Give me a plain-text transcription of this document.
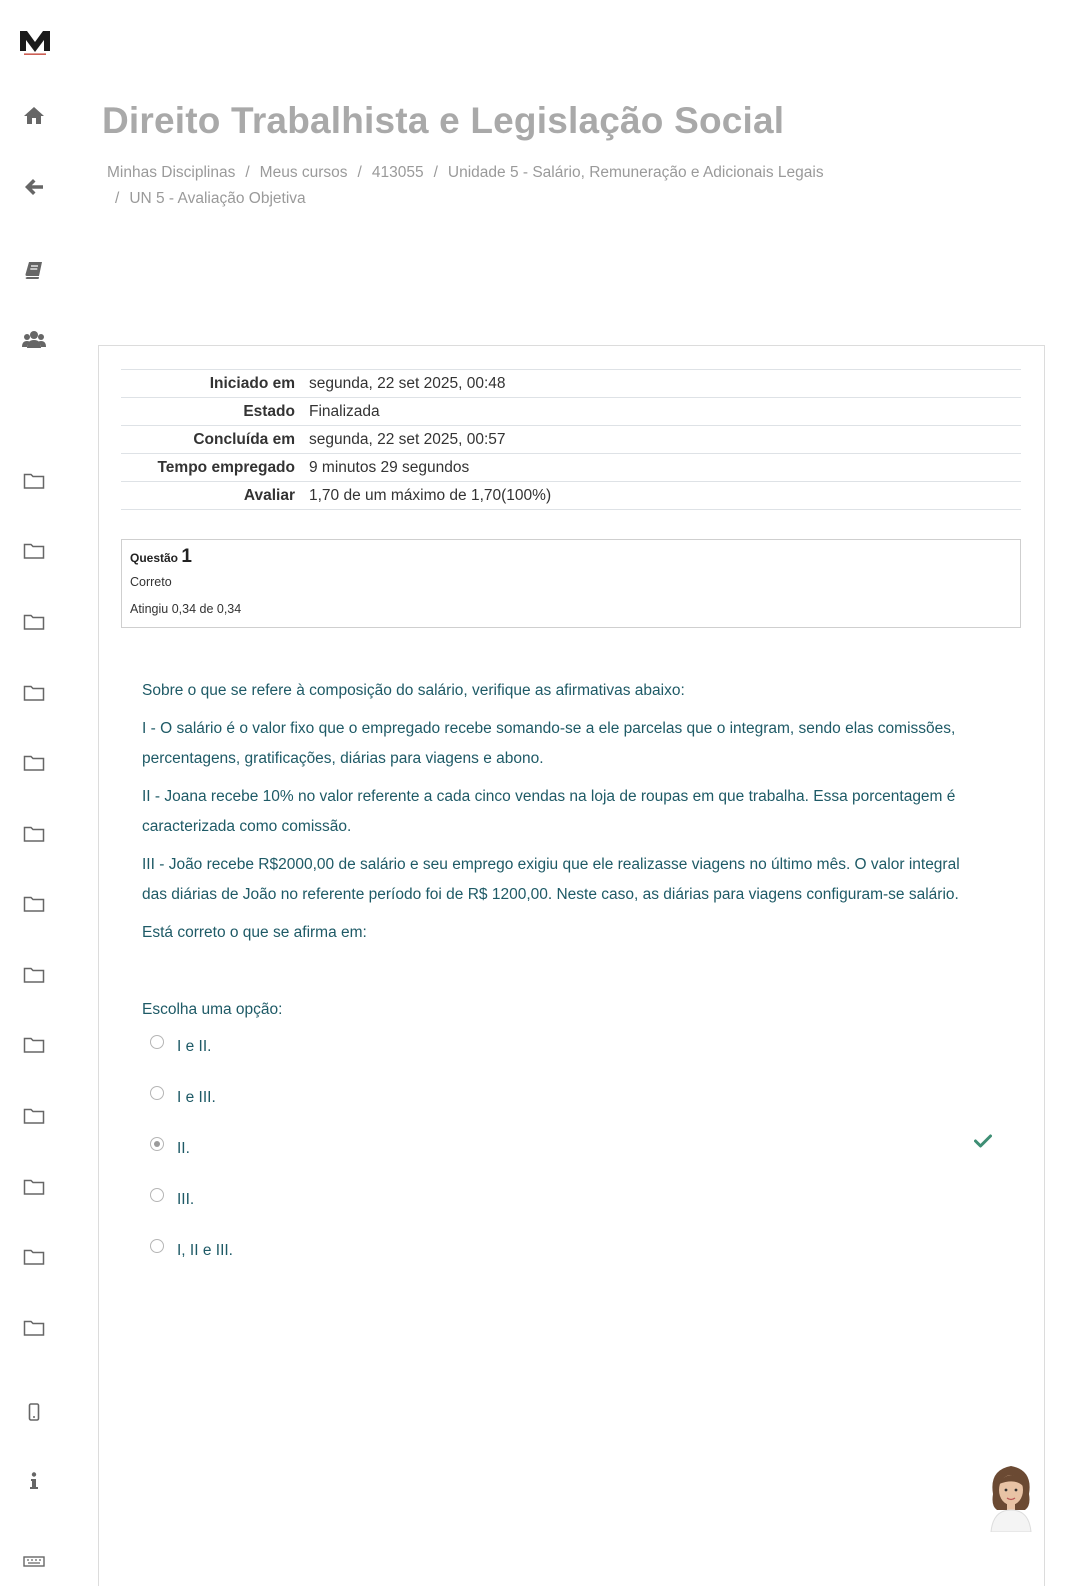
Direito Trabalhista e Legislação Social
Minhas Disciplinas / Meus cursos / 413055 / Unidade 5 - Salário, Remuneração e Adicionais Legais
/ UN 5 - Avaliação Objetiva
Iniciado em	segunda, 22 set 2025, 00:48
Estado	Finalizada
Concluída em	segunda, 22 set 2025, 00:57
Tempo empregado	9 minutos 29 segundos
Avaliar	1,70 de um máximo de 1,70(100%)
Questão 1
Correto
Atingiu 0,34 de 0,34

Sobre o que se refere à composição do salário, verifique as afirmativas abaixo:

I - O salário é o valor fixo que o empregado recebe somando-se a ele parcelas que o integram, sendo elas comissões, percentagens, gratificações, diárias para viagens e abono.

II - Joana recebe 10% no valor referente a cada cinco vendas na loja de roupas em que trabalha. Essa porcentagem é caracterizada como comissão.

III - João recebe R$2000,00 de salário e seu emprego exigiu que ele realizasse viagens no último mês. O valor integral das diárias de João no referente período foi de R$ 1200,00. Neste caso, as diárias para viagens configuram-se salário.

Está correto o que se afirma em:

Escolha uma opção:
I e II.
I e III.
II.
III.
I, II e III.
